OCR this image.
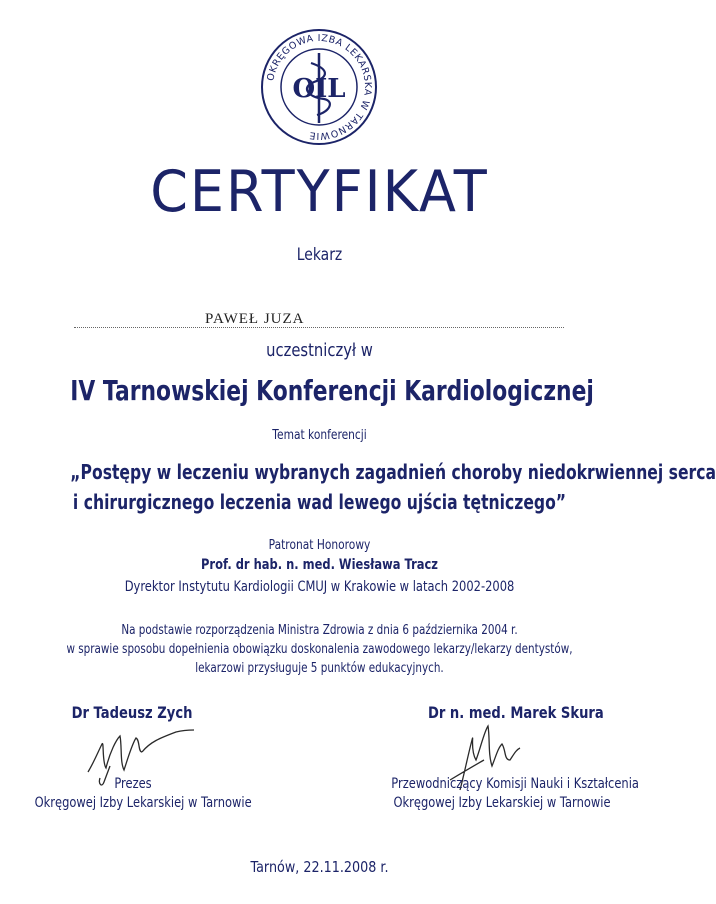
OKRĘGOWA IZBA LEKARSKA W TARNOWIE
OIL
CERTYFIKAT
Lekarz
PAWEŁ JUZA
uczestniczył w
IV Tarnowskiej Konferencji Kardiologicznej
Temat konferencji
„Postępy w leczeniu wybranych zagadnień choroby niedokrwiennej serca
i chirurgicznego leczenia wad lewego ujścia tętniczego”
Patronat Honorowy
Prof. dr hab. n. med. Wiesława Tracz
Dyrektor Instytutu Kardiologii CMUJ w Krakowie w latach 2002-2008
Na podstawie rozporządzenia Ministra Zdrowia z dnia 6 października 2004 r.
w sprawie sposobu dopełnienia obowiązku doskonalenia zawodowego lekarzy/lekarzy dentystów,
lekarzowi przysługuje 5 punktów edukacyjnych.
Dr Tadeusz Zych	Dr n. med. Marek Skura
Prezes
Okręgowej Izby Lekarskiej w Tarnowie
Przewodniczący Komisji Nauki i Kształcenia
Okręgowej Izby Lekarskiej w Tarnowie
Tarnów, 22.11.2008 r.
